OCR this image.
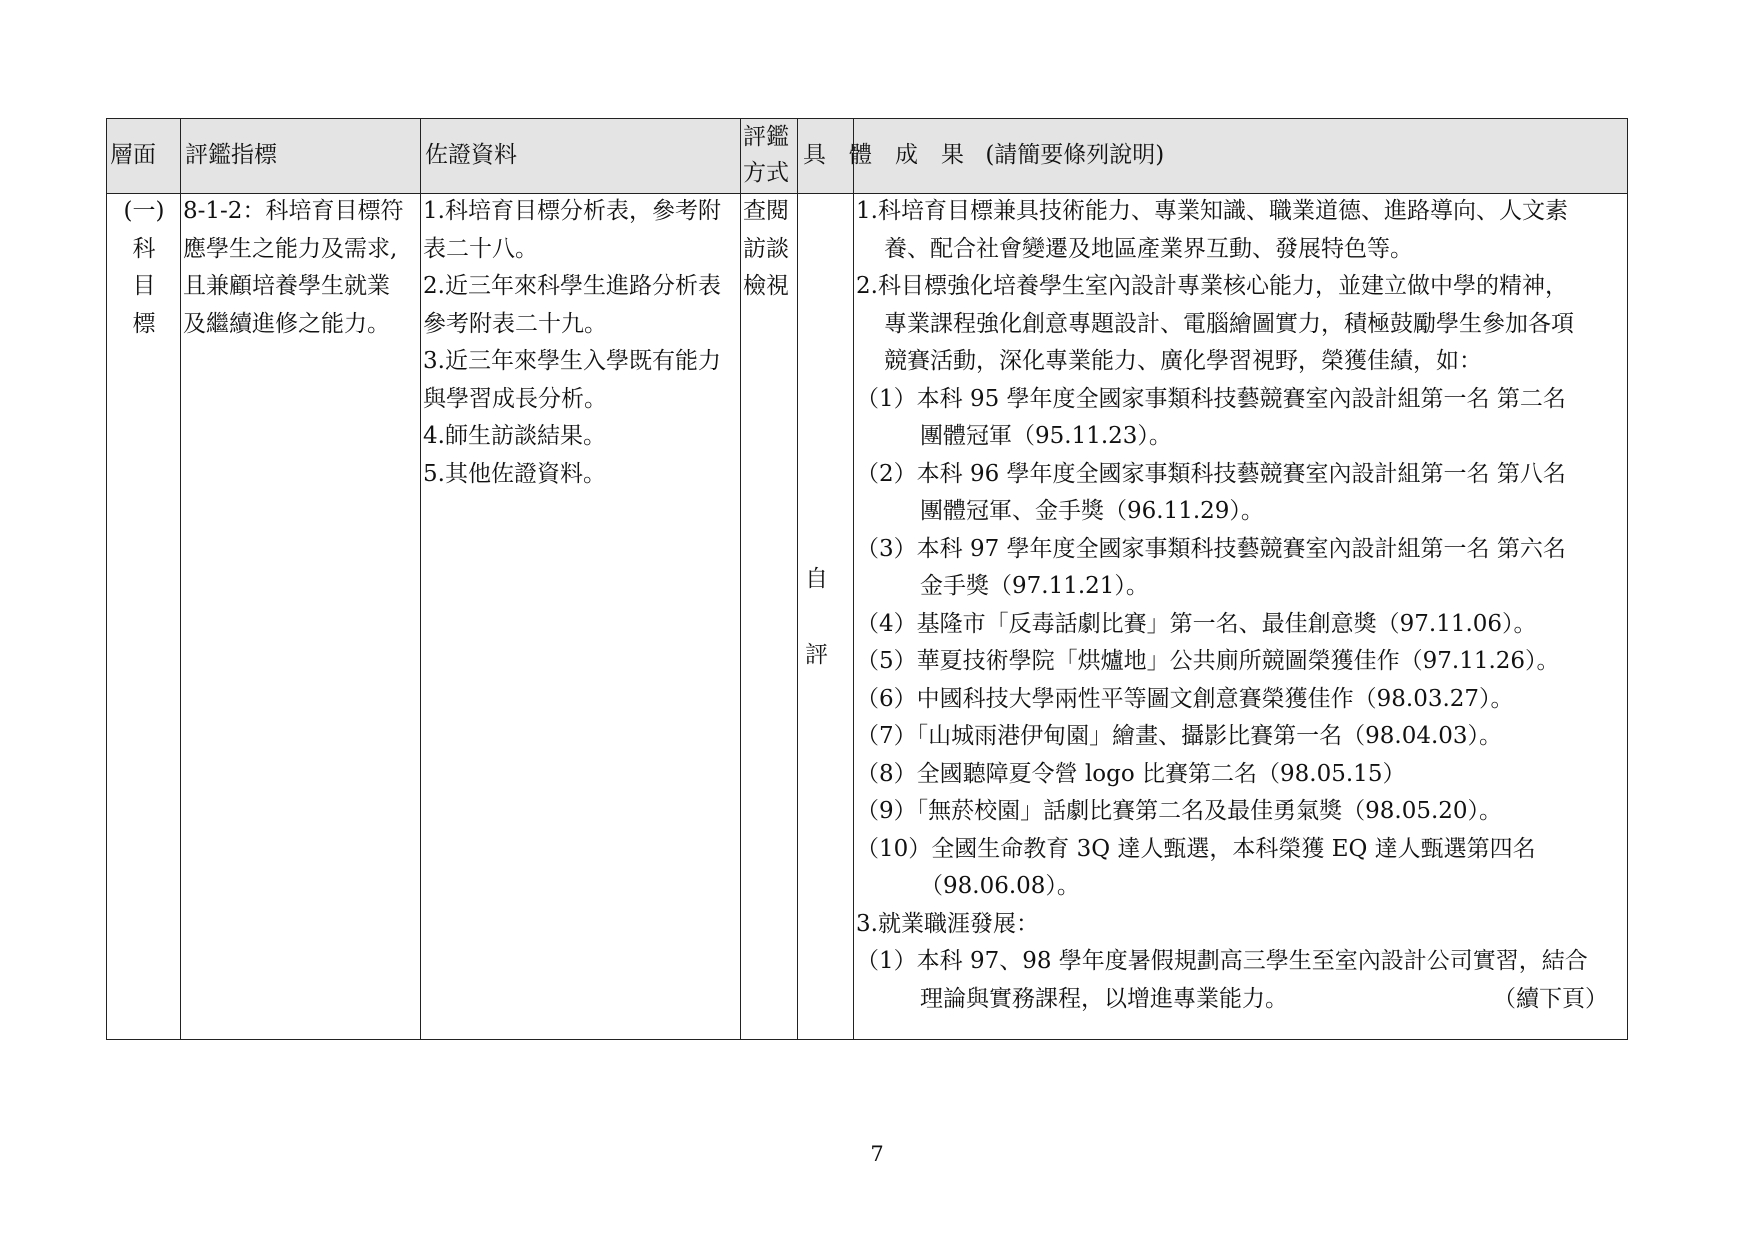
層面 評鑑指標	佐證資料
評鑑
方式
具　體　成　果 (請簡要條列說明)
(一)
科
目
標
8-1-2：科培育目標符
應學生之能力及需求,
且兼顧培養學生就業
及繼續進修之能力。
1.科培育目標分析表，參考附
表二十八。
2.近三年來科學生進路分析表
參考附表二十九。
3.近三年來學生入學既有能力
與學習成長分析。
4.師生訪談結果。
5.其他佐證資料。
查閱
訪談
檢視
自
評
1.科培育目標兼具技術能力、專業知識、職業道德、進路導向、人文素
養、配合社會變遷及地區產業界互動、發展特色等。
2.科目標強化培養學生室內設計專業核心能力，並建立做中學的精神，
專業課程強化創意專題設計、電腦繪圖實力，積極鼓勵學生參加各項
競賽活動，深化專業能力、廣化學習視野，榮獲佳績，如：
（1）本科 95 學年度全國家事類科技藝競賽室內設計組第一名 第二名
團體冠軍（95.11.23）。
（2）本科 96 學年度全國家事類科技藝競賽室內設計組第一名 第八名
團體冠軍、金手獎（96.11.29）。
（3）本科 97 學年度全國家事類科技藝競賽室內設計組第一名 第六名
金手獎（97.11.21）。
（4）基隆市「反毒話劇比賽」第一名、最佳創意獎（97.11.06）。
（5）華夏技術學院「烘爐地」公共廁所競圖榮獲佳作（97.11.26）。
（6）中國科技大學兩性平等圖文創意賽榮獲佳作（98.03.27）。
（7）「山城雨港伊甸園」繪畫、攝影比賽第一名（98.04.03）。
（8）全國聽障夏令營 logo 比賽第二名（98.05.15）
（9）「無菸校園」話劇比賽第二名及最佳勇氣獎（98.05.20）。
（10）全國生命教育 3Q 達人甄選，本科榮獲 EQ 達人甄選第四名
（98.06.08）。
3.就業職涯發展：
（1）本科 97、98 學年度暑假規劃高三學生至室內設計公司實習，結合
（續下頁）
理論與實務課程，以增進專業能力。
7
